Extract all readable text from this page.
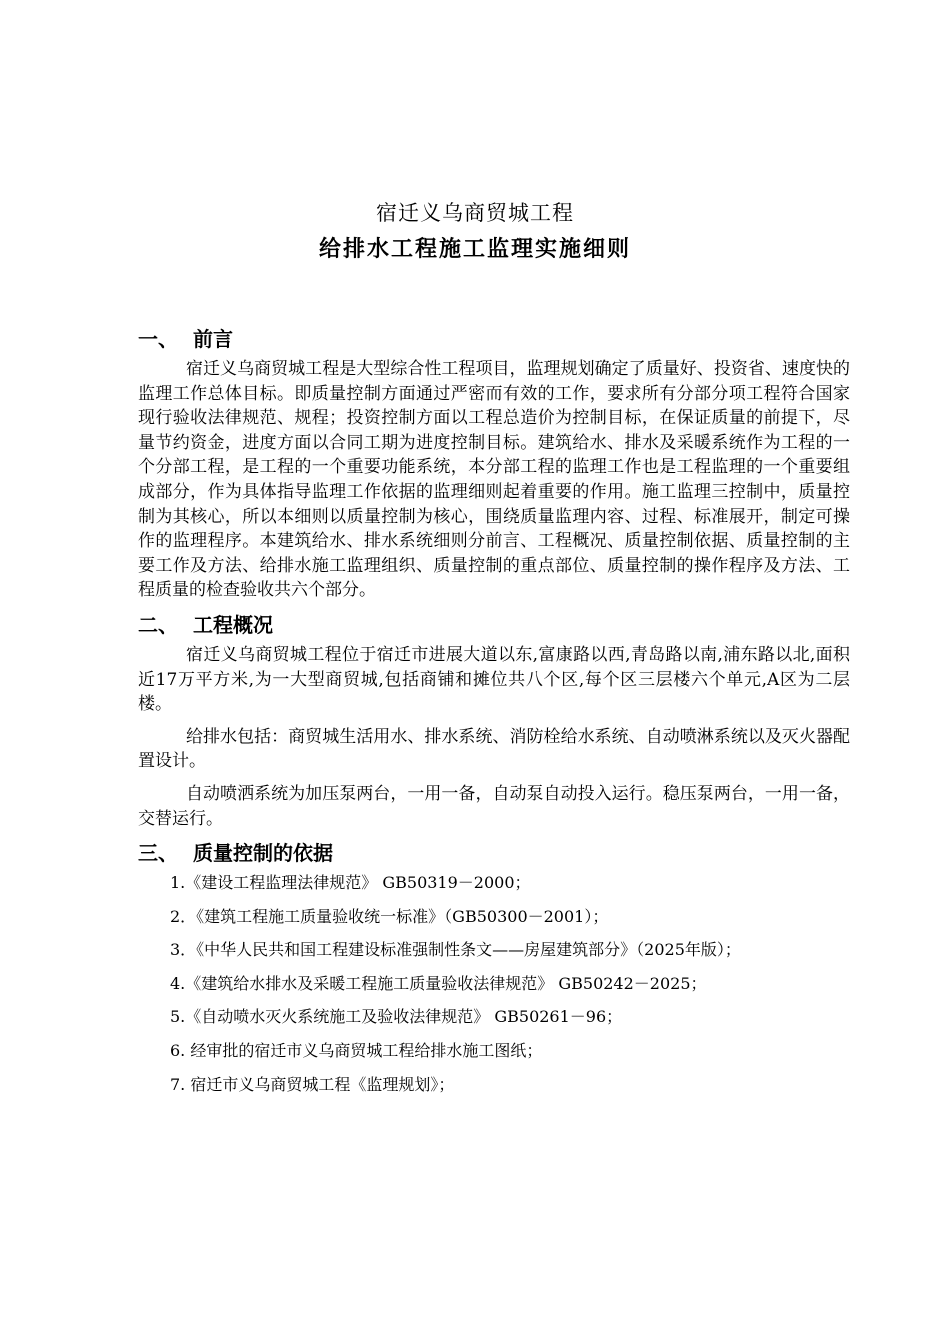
宿迁义乌商贸城工程
给排水工程施工监理实施细则
一、 前言

宿迁义乌商贸城工程是大型综合性工程项目，监理规划确定了质量好、投资省、速度快的监理工作总体目标。即质量控制方面通过严密而有效的工作，要求所有分部分项工程符合国家现行验收法律规范、规程；投资控制方面以工程总造价为控制目标，在保证质量的前提下，尽量节约资金，进度方面以合同工期为进度控制目标。建筑给水、排水及采暖系统作为工程的一个分部工程，是工程的一个重要功能系统，本分部工程的监理工作也是工程监理的一个重要组成部分，作为具体指导监理工作依据的监理细则起着重要的作用。施工监理三控制中，质量控制为其核心，所以本细则以质量控制为核心，围绕质量监理内容、过程、标准展开，制定可操作的监理程序。本建筑给水、排水系统细则分前言、工程概况、质量控制依据、质量控制的主要工作及方法、给排水施工监理组织、质量控制的重点部位、质量控制的操作程序及方法、工程质量的检查验收共六个部分。

二、 工程概况

宿迁义乌商贸城工程位于宿迁市进展大道以东,富康路以西,青岛路以南,浦东路以北,面积近17万平方米,为一大型商贸城,包括商铺和摊位共八个区,每个区三层楼六个单元,A区为二层楼。

给排水包括：商贸城生活用水、排水系统、消防栓给水系统、自动喷淋系统以及灭火器配置设计。

自动喷洒系统为加压泵两台，一用一备，自动泵自动投入运行。稳压泵两台，一用一备，交替运行。

三、 质量控制的依据
1.《建设工程监理法律规范》 GB50319－2000；
2．《建筑工程施工质量验收统一标准》（GB50300－2001）；
3．《中华人民共和国工程建设标准强制性条文——房屋建筑部分》（2025年版）；
4.《建筑给水排水及采暖工程施工质量验收法律规范》 GB50242－2025；
5.《自动喷水灭火系统施工及验收法律规范》 GB50261－96；
6. 经审批的宿迁市义乌商贸城工程给排水施工图纸；
7. 宿迁市义乌商贸城工程《监理规划》；
